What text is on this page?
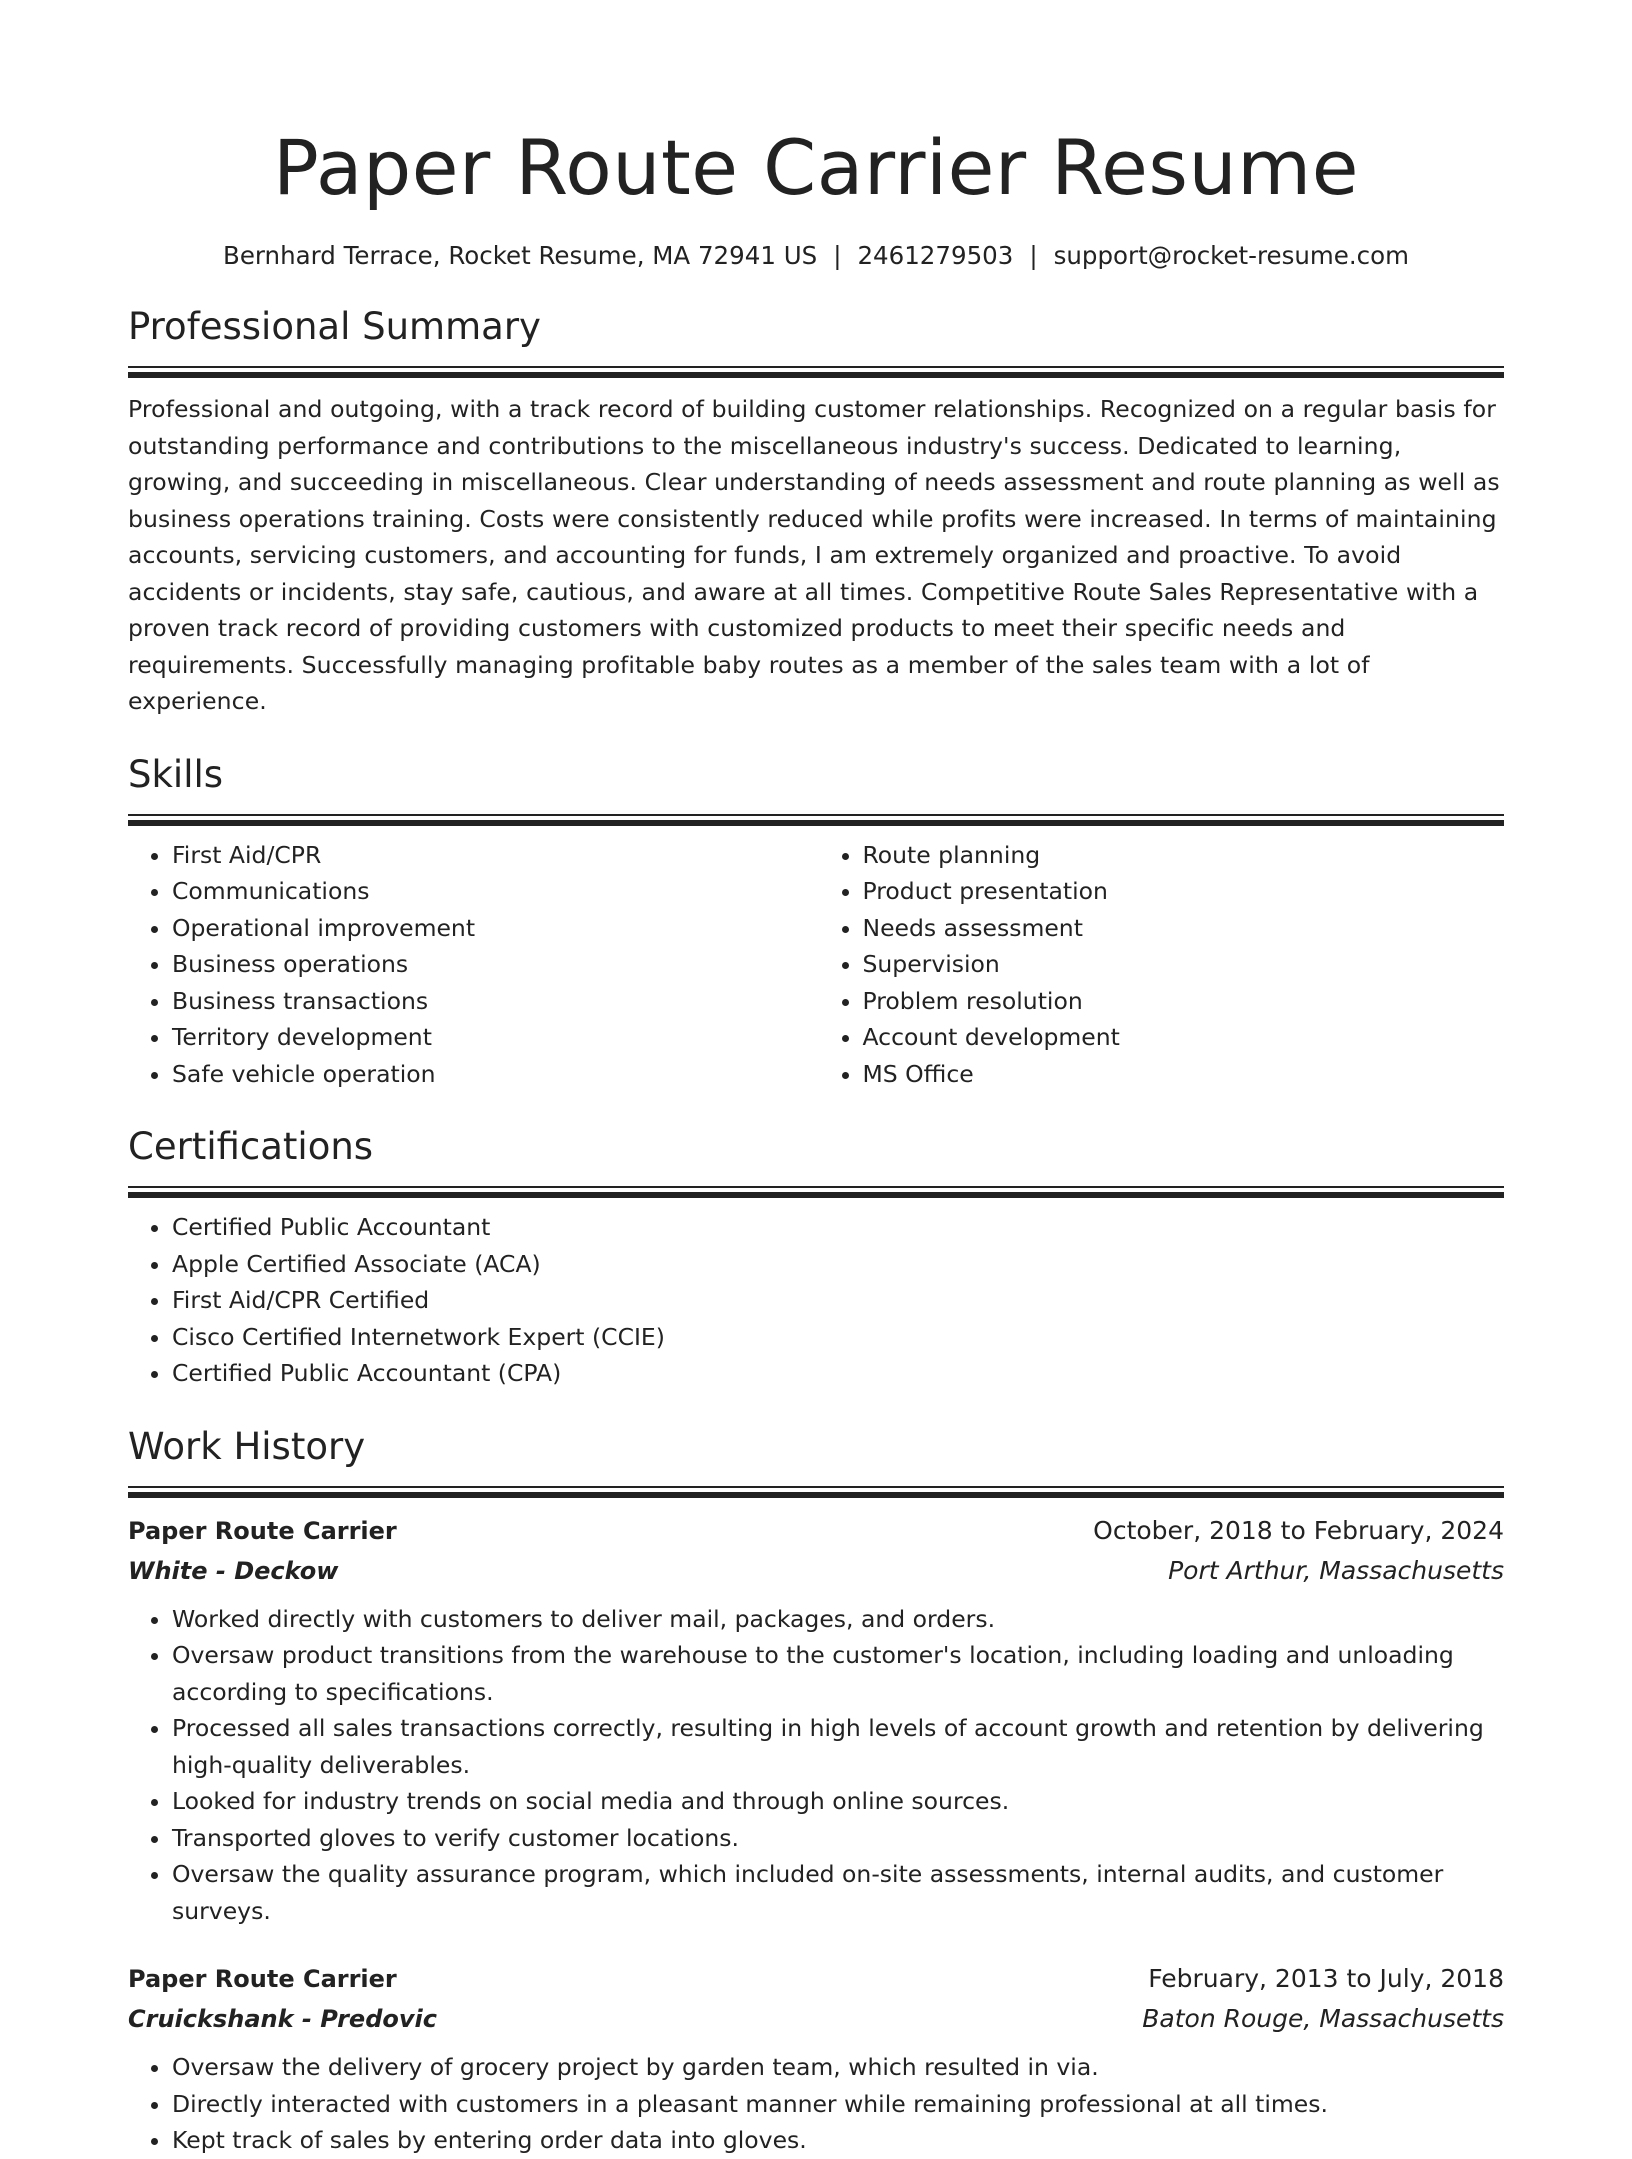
Paper Route Carrier Resume
Bernhard Terrace, Rocket Resume, MA 72941 US | 2461279503 | support@rocket-resume.com
Professional Summary
Professional and outgoing, with a track record of building customer relationships. Recognized on a regular basis for outstanding performance and contributions to the miscellaneous industry's success. Dedicated to learning, growing, and succeeding in miscellaneous. Clear understanding of needs assessment and route planning as well as business operations training. Costs were consistently reduced while profits were increased. In terms of maintaining accounts, servicing customers, and accounting for funds, I am extremely organized and proactive. To avoid accidents or incidents, stay safe, cautious, and aware at all times. Competitive Route Sales Representative with a proven track record of providing customers with customized products to meet their specific needs and requirements. Successfully managing profitable baby routes as a member of the sales team with a lot of experience.
Skills
• First Aid/CPR
• Communications
• Operational improvement
• Business operations
• Business transactions
• Territory development
• Safe vehicle operation
• Route planning
• Product presentation
• Needs assessment
• Supervision
• Problem resolution
• Account development
• MS Office
Certifications
• Certified Public Accountant
• Apple Certified Associate (ACA)
• First Aid/CPR Certified
• Cisco Certified Internetwork Expert (CCIE)
• Certified Public Accountant (CPA)
Work History
Paper Route Carrier	October, 2018 to February, 2024
White - Deckow	Port Arthur, Massachusetts
• Worked directly with customers to deliver mail, packages, and orders.
• Oversaw product transitions from the warehouse to the customer's location, including loading and unloading according to specifications.
• Processed all sales transactions correctly, resulting in high levels of account growth and retention by delivering high-quality deliverables.
• Looked for industry trends on social media and through online sources.
• Transported gloves to verify customer locations.
• Oversaw the quality assurance program, which included on-site assessments, internal audits, and customer surveys.
Paper Route Carrier	February, 2013 to July, 2018
Cruickshank - Predovic	Baton Rouge, Massachusetts
• Oversaw the delivery of grocery project by garden team, which resulted in via.
• Directly interacted with customers in a pleasant manner while remaining professional at all times.
• Kept track of sales by entering order data into gloves.
